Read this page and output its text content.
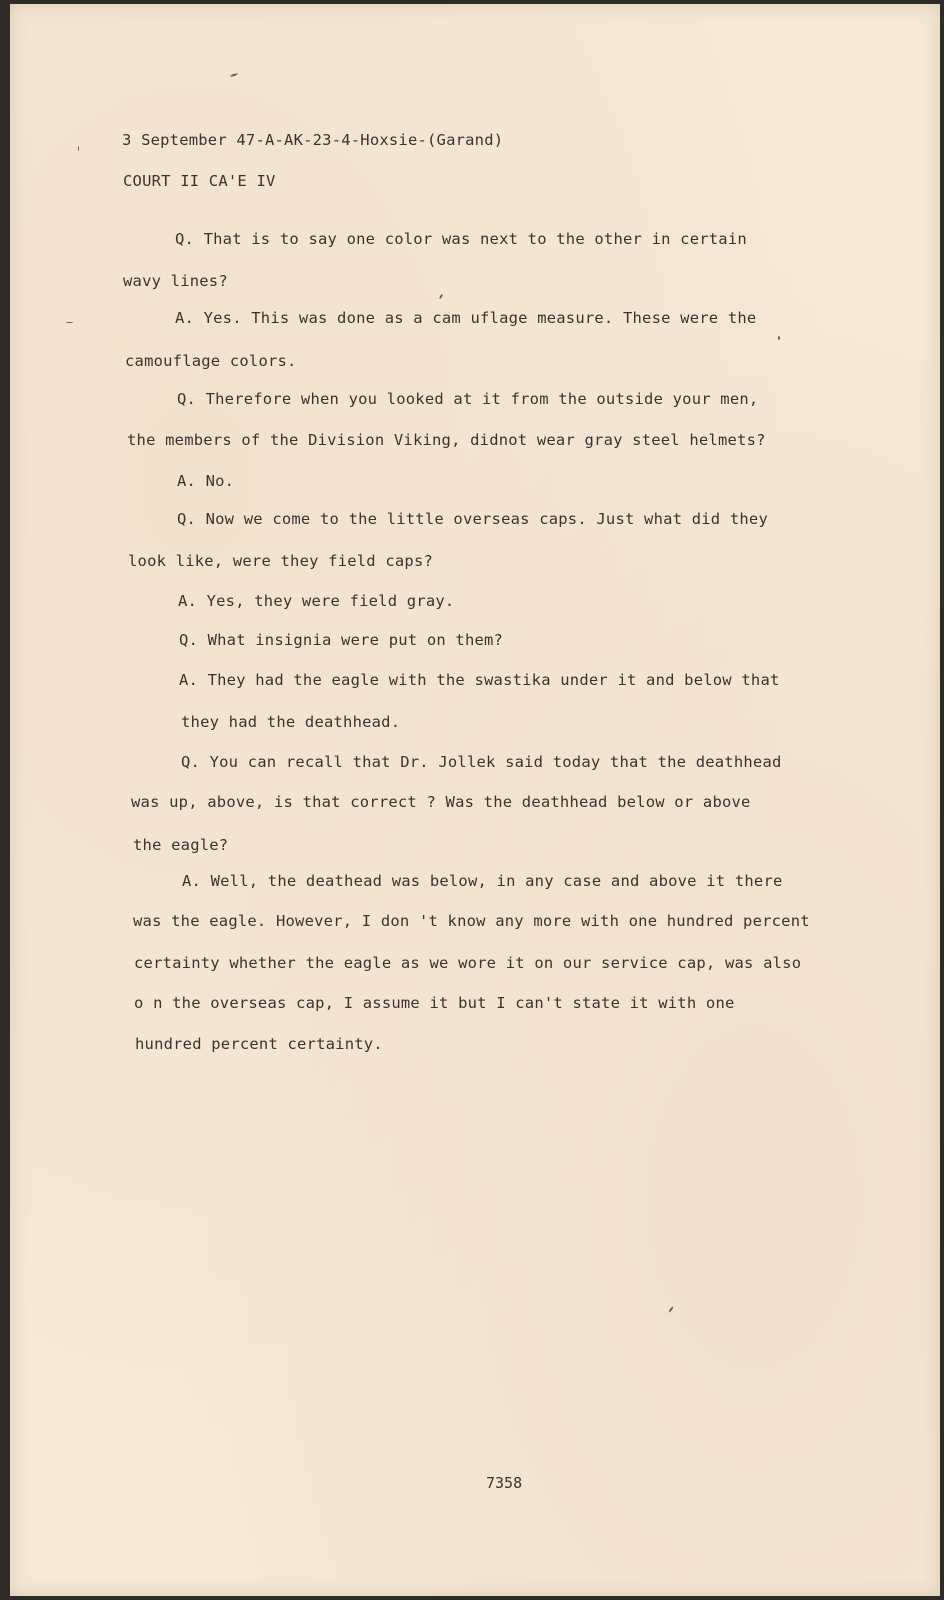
3 September 47-A-AK-23-4-Hoxsie-(Garand)

COURT II CA'E IV

Q. That is to say one color was next to the other in certain

wavy lines?

A. Yes. This was done as a cam uflage measure. These were the

camouflage colors.

Q. Therefore when you looked at it from the outside your men,

the members of the Division Viking, didnot wear gray steel helmets?

A. No.

Q. Now we come to the little overseas caps. Just what did they

look like, were they field caps?

A. Yes, they were field gray.

Q. What insignia were put on them?

A. They had the eagle with the swastika under it and below that

they had the deathhead.

Q. You can recall that Dr. Jollek said today that the deathhead

was up, above, is that correct ? Was the deathhead below or above

the eagle?

A. Well, the deathead was below, in any case and above it there

was the eagle. However, I don 't know any more with one hundred percent

certainty whether the eagle as we wore it on our service cap, was also

o n the overseas cap, I assume it but I can't state it with one

hundred percent certainty.

7358
